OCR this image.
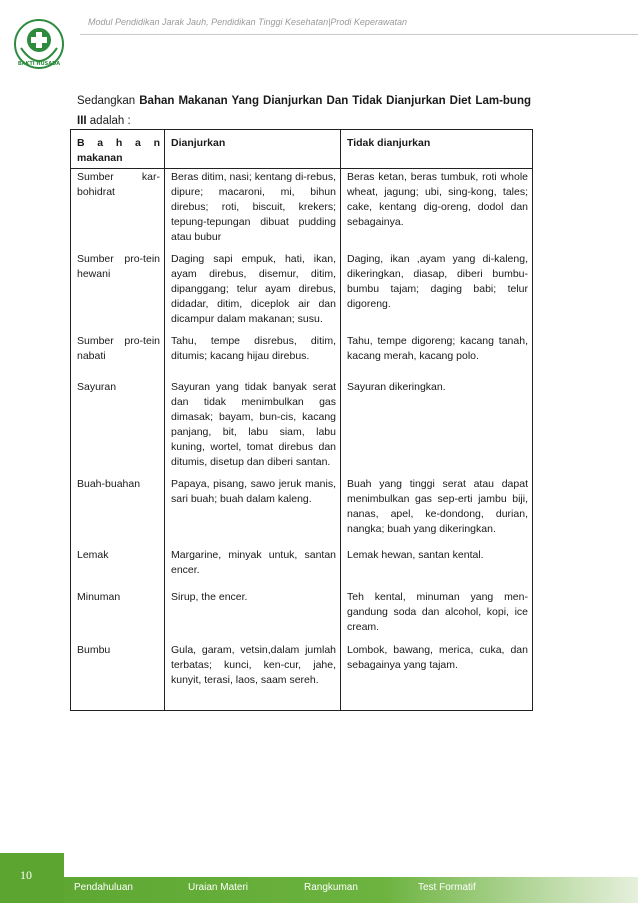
BAKTI HUSADA
Modul Pendidikan Jarak Jauh, Pendidikan Tinggi Kesehatan|Prodi Keperawatan
Sedangkan Bahan Makanan Yang Dianjurkan Dan Tidak Dianjurkan Diet Lam-bung III adalah :
B a h a n makanan	Dianjurkan	Tidak dianjurkan
Sumber kar-bohidrat	Beras ditim, nasi; kentang di-rebus, dipure; macaroni, mi, bihun direbus; roti, biscuit, krekers; tepung-tepungan dibuat pudding atau bubur	Beras ketan, beras tumbuk, roti whole wheat, jagung; ubi, sing-kong, tales; cake, kentang dig-oreng, dodol dan sebagainya.
Sumber pro-tein hewani	Daging sapi empuk, hati, ikan, ayam direbus, disemur, ditim, dipanggang; telur ayam direbus, didadar, ditim, diceplok air dan dicampur dalam makanan; susu.	Daging, ikan ,ayam yang di-kaleng, dikeringkan, diasap, diberi bumbu-bumbu tajam; daging babi; telur digoreng.
Sumber pro-tein nabati	Tahu, tempe disrebus, ditim, ditumis; kacang hijau direbus.	Tahu, tempe digoreng; kacang tanah, kacang merah, kacang polo.
Sayuran	Sayuran yang tidak banyak serat dan tidak menimbulkan gas dimasak; bayam, bun-cis, kacang panjang, bit, labu siam, labu kuning, wortel, tomat direbus dan ditumis, disetup dan diberi santan.	Sayuran dikeringkan.
Buah-buahan	Papaya, pisang, sawo jeruk manis, sari buah; buah dalam kaleng.	Buah yang tinggi serat atau dapat menimbulkan gas sep-erti jambu biji, nanas, apel, ke-dondong, durian, nangka; buah yang dikeringkan.
Lemak	Margarine, minyak untuk, santan encer.	Lemak hewan, santan kental.
Minuman	Sirup, the encer.	Teh kental, minuman yang men-gandung soda dan alcohol, kopi, ice cream.
Bumbu	Gula, garam, vetsin,dalam jumlah terbatas; kunci, ken-cur, jahe, kunyit, terasi, laos, saam sereh.	Lombok, bawang, merica, cuka, dan sebagainya yang tajam.
10
Pendahuluan	Uraian Materi	Rangkuman	Test Formatif
